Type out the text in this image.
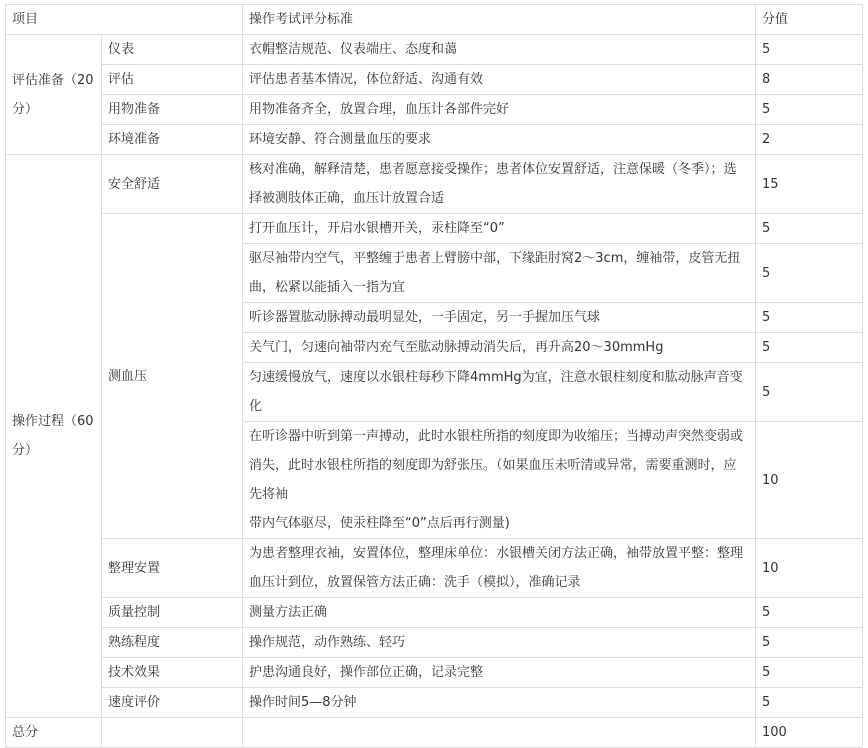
项目		操作考试评分标准	分值
评估准备（20分）	仪表	衣帽整洁规范、仪表端庄、态度和蔼	5
	评估	评估患者基本情况，体位舒适、沟通有效	8
	用物准备	用物准备齐全，放置合理，血压计各部件完好	5
	环境准备	环境安静、符合测量血压的要求	2
操作过程（60分）	安全舒适	核对准确，解释清楚，患者愿意接受操作；患者体位安置舒适，注意保暖（冬季）；选择被测肢体正确，血压计放置合适	15
	测血压	打开血压计，开启水银槽开关，汞柱降至“0”	5
		驱尽袖带内空气，平整缠于患者上臂膀中部，下缘距肘窝2～3cm，缠袖带，皮管无扭曲，松紧以能插入一指为宜	5
		听诊器置肱动脉搏动最明显处，一手固定，另一手握加压气球	5
		关气门，匀速向袖带内充气至肱动脉搏动消失后，再升高20～30mmHg	5
		匀速缓慢放气，速度以水银柱每秒下降4mmHg为宜，注意水银柱刻度和肱动脉声音变化	5
		在听诊器中听到第一声搏动，此时水银柱所指的刻度即为收缩压；当搏动声突然变弱或消失，此时水银柱所指的刻度即为舒张压。（如果血压未听清或异常，需要重测时，应先将袖
带内气体驱尽，使汞柱降至“0”点后再行测量)	10
	整理安置	为患者整理衣袖，安置体位，整理床单位：水银槽关闭方法正确，袖带放置平整：整理血压计到位，放置保管方法正确：洗手（模拟），准确记录	10
	质量控制	测量方法正确	5
	熟练程度	操作规范，动作熟练、轻巧	5
	技术效果	护患沟通良好，操作部位正确，记录完整	5
	速度评价	操作时间5—8分钟	5
总分			100
